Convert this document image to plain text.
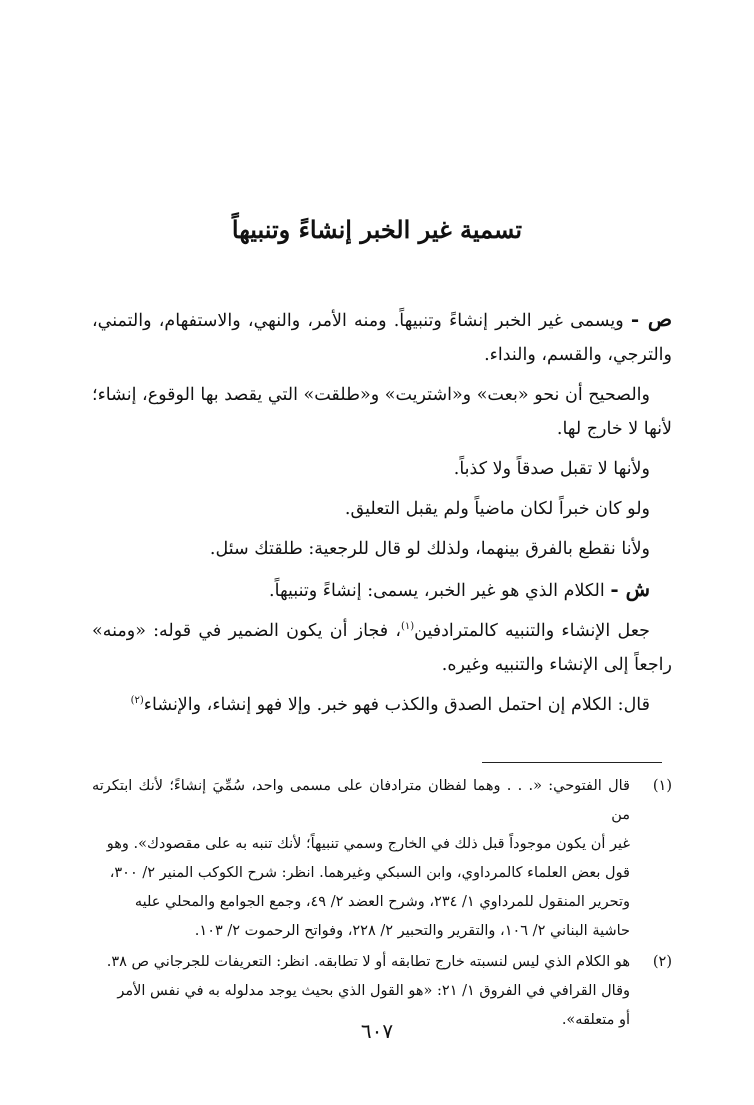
تسمية غير الخبر إنشاءً وتنبيهاً

ص - ويسمى غير الخبر إنشاءً وتنبيهاً. ومنه الأمر، والنهي، والاستفهام، والتمني، والترجي، والقسم، والنداء.

والصحيح أن نحو «بعت» و«اشتريت» و«طلقت» التي يقصد بها الوقوع، إنشاء؛ لأنها لا خارج لها.

ولأنها لا تقبل صدقاً ولا كذباً.

ولو كان خبراً لكان ماضياً ولم يقبل التعليق.

ولأنا نقطع بالفرق بينهما، ولذلك لو قال للرجعية: طلقتك سئل.

ش - الكلام الذي هو غير الخبر، يسمى: إنشاءً وتنبيهاً.

جعل الإنشاء والتنبيه كالمترادفين$^{(١)}$، فجاز أن يكون الضمير في قوله: «ومنه» راجعاً إلى الإنشاء والتنبيه وغيره.

قال: الكلام إن احتمل الصدق والكذب فهو خبر. وإلا فهو إنشاء، والإنشاء$^{(٢)}$

(١)
قال الفتوحي: «. . . وهما لفظان مترادفان على مسمى واحد، سُمِّيَ إنشاءً؛ لأنك ابتكرته من
غير أن يكون موجوداً قبل ذلك في الخارج وسمي تنبيهاً؛ لأنك تنبه به على مقصودك». وهو
قول بعض العلماء كالمرداوي، وابن السبكي وغيرهما. انظر: شرح الكوكب المنير ٢/ ٣٠٠،
وتحرير المنقول للمرداوي ١/ ٢٣٤، وشرح العضد ٢/ ٤٩، وجمع الجوامع والمحلي عليه
حاشية البناني ٢/ ١٠٦، والتقرير والتحبير ٢/ ٢٢٨، وفواتح الرحموت ٢/ ١٠٣.
(٢)
هو الكلام الذي ليس لنسبته خارج تطابقه أو لا تطابقه. انظر: التعريفات للجرجاني ص ٣٨.
وقال القرافي في الفروق ١/ ٢١: «هو القول الذي بحيث يوجد مدلوله به في نفس الأمر
أو متعلقه».
٦٠٧
